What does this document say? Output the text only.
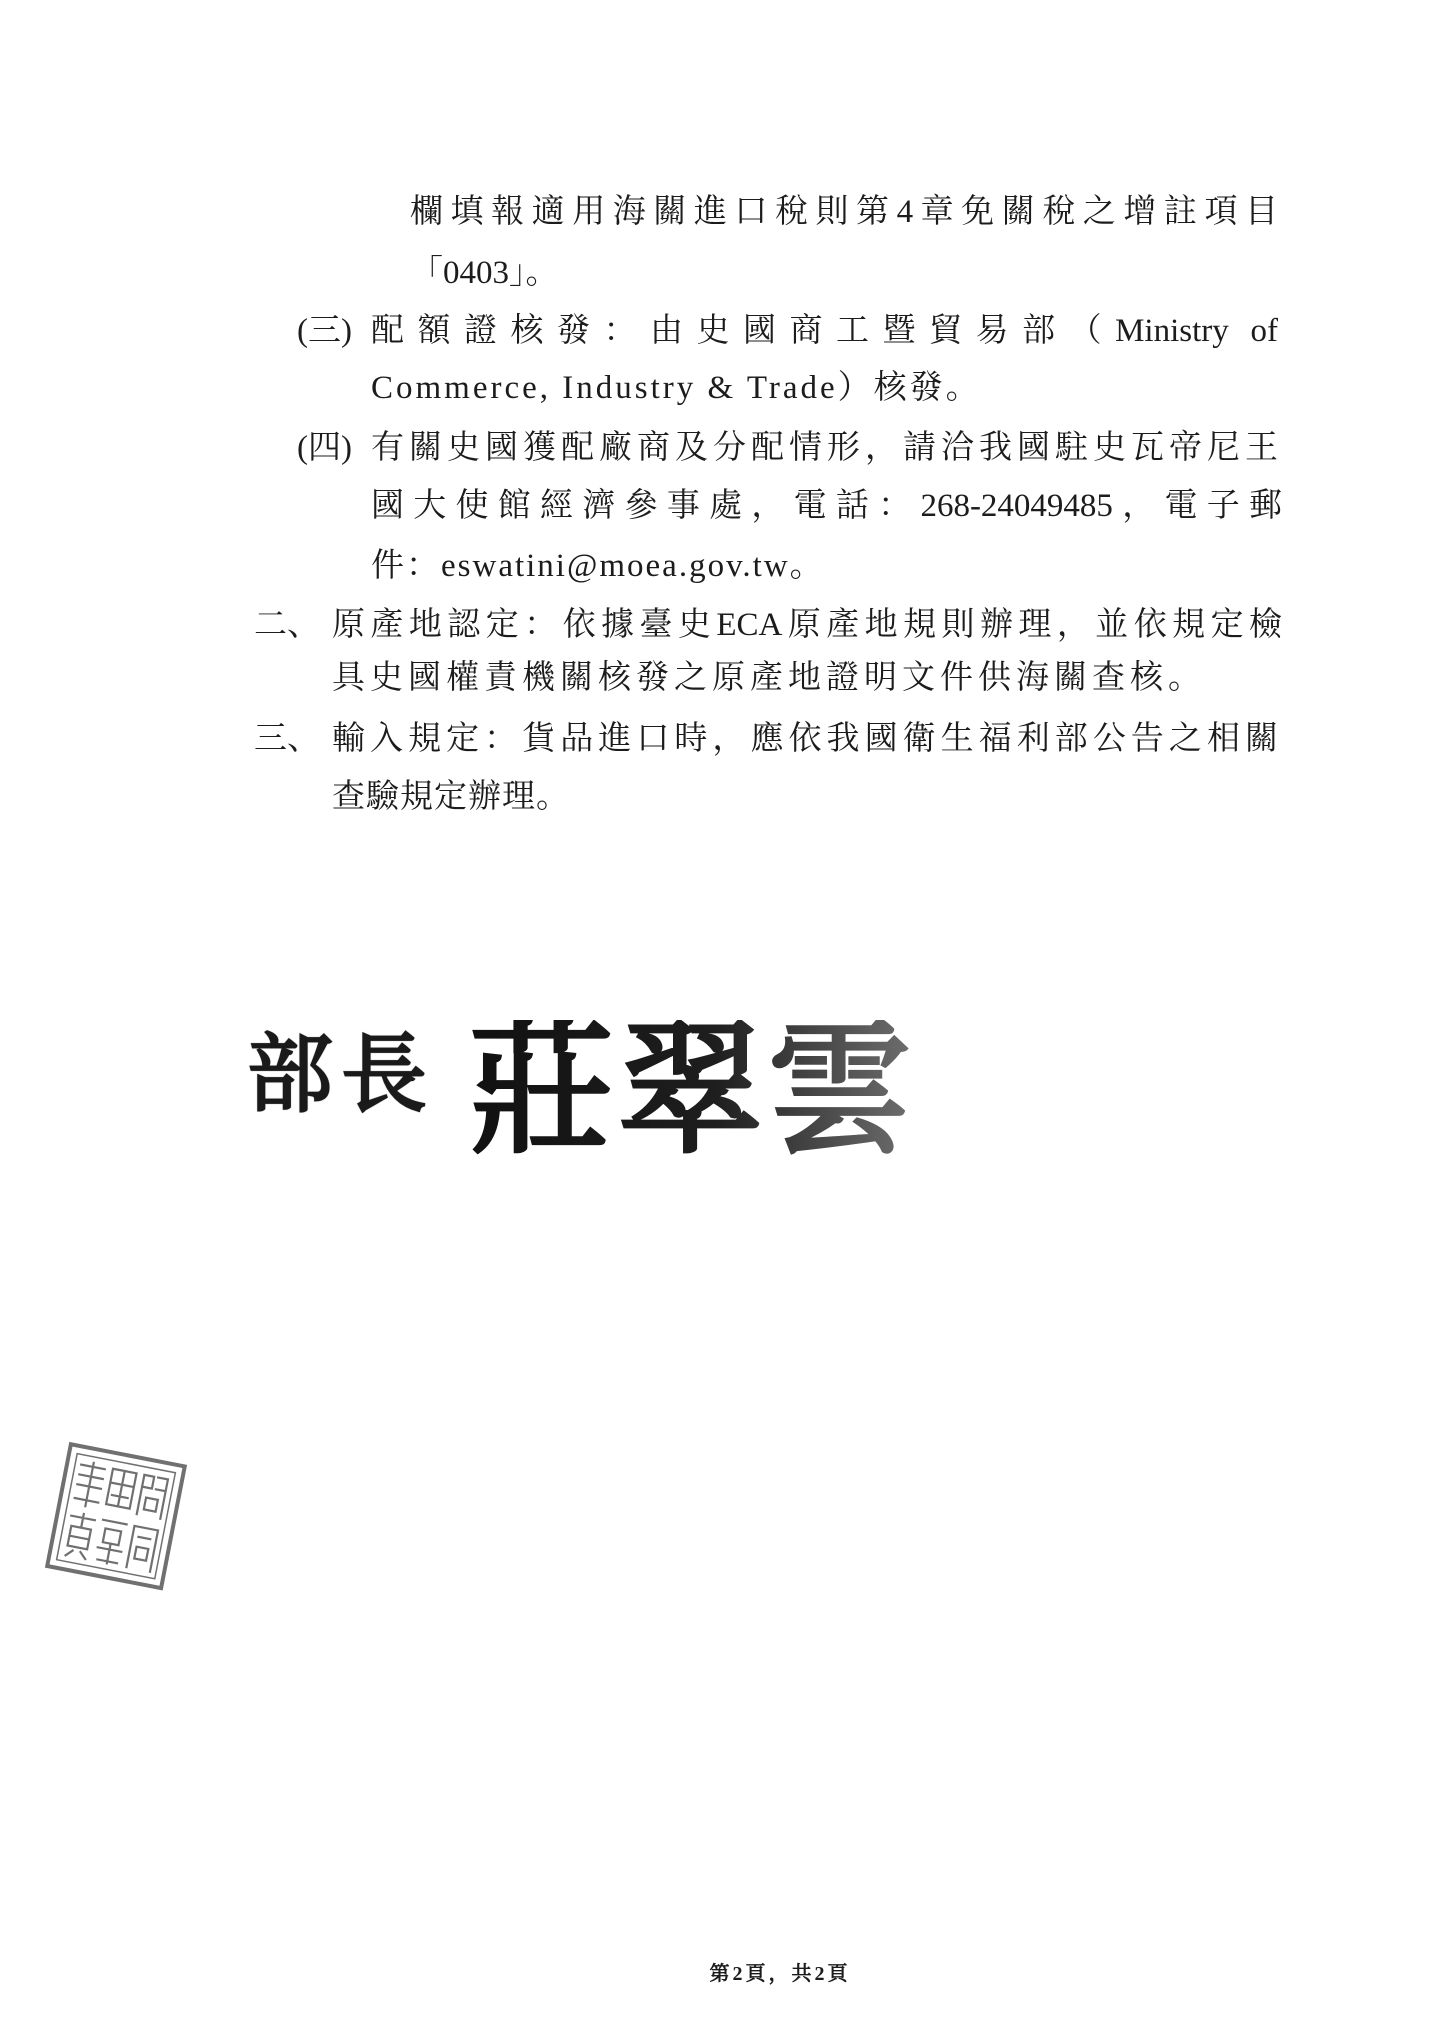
欄填報適用海關進口稅則第4章免關稅之增註項目
「0403」。
(三) 配額證核發：由史國商工暨貿易部（Ministry of
Commerce, Industry & Trade）核發。
(四) 有關史國獲配廠商及分配情形，請洽我國駐史瓦帝尼王
國大使館經濟參事處，電話：268-24049485，電子郵
件：eswatini@moea.gov.tw。
二、 原產地認定：依據臺史ECA原產地規則辦理，並依規定檢
具史國權責機關核發之原產地證明文件供海關查核。
三、 輸入規定：貨品進口時，應依我國衛生福利部公告之相關
查驗規定辦理。
部長 莊翠雲
第2頁，共2頁
